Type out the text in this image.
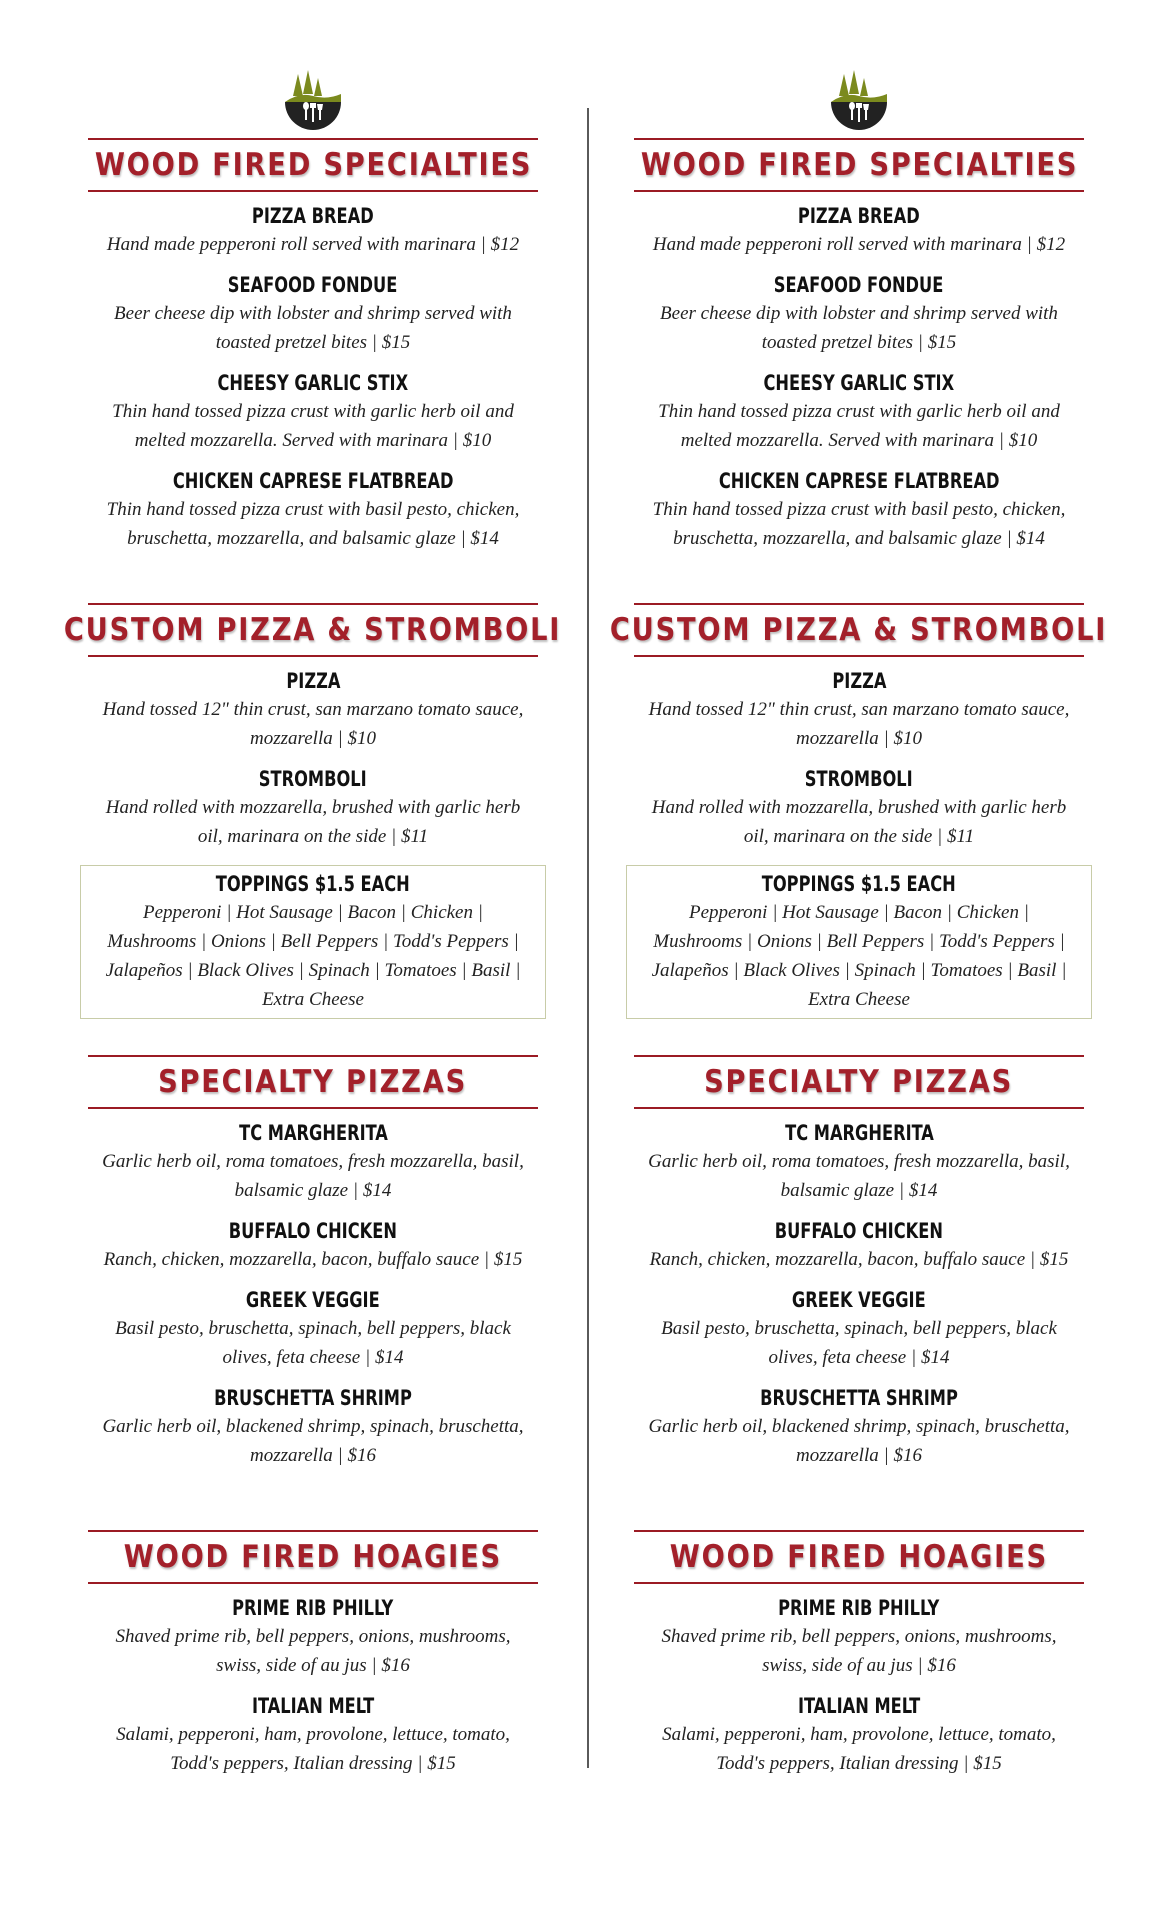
WOOD FIRED SPECIALTIES
PIZZA BREAD
Hand made pepperoni roll served with marinara | $12
SEAFOOD FONDUE
Beer cheese dip with lobster and shrimp served with toasted pretzel bites | $15
CHEESY GARLIC STIX
Thin hand tossed pizza crust with garlic herb oil and melted mozzarella. Served with marinara | $10
CHICKEN CAPRESE FLATBREAD
Thin hand tossed pizza crust with basil pesto, chicken, bruschetta, mozzarella, and balsamic glaze | $14
CUSTOM PIZZA & STROMBOLI
PIZZA
Hand tossed 12" thin crust, san marzano tomato sauce, mozzarella | $10
STROMBOLI
Hand rolled with mozzarella, brushed with garlic herb oil, marinara on the side | $11
TOPPINGS $1.5 EACH
Pepperoni | Hot Sausage | Bacon | Chicken | Mushrooms | Onions | Bell Peppers | Todd's Peppers | Jalapeños | Black Olives | Spinach | Tomatoes | Basil | Extra Cheese
SPECIALTY PIZZAS
TC MARGHERITA
Garlic herb oil, roma tomatoes, fresh mozzarella, basil, balsamic glaze | $14
BUFFALO CHICKEN
Ranch, chicken, mozzarella, bacon, buffalo sauce | $15
GREEK VEGGIE
Basil pesto, bruschetta, spinach, bell peppers, black olives, feta cheese | $14
BRUSCHETTA SHRIMP
Garlic herb oil, blackened shrimp, spinach, bruschetta, mozzarella | $16
WOOD FIRED HOAGIES
PRIME RIB PHILLY
Shaved prime rib, bell peppers, onions, mushrooms, swiss, side of au jus | $16
ITALIAN MELT
Salami, pepperoni, ham, provolone, lettuce, tomato, Todd's peppers, Italian dressing | $15
WOOD FIRED SPECIALTIES
PIZZA BREAD
Hand made pepperoni roll served with marinara | $12
SEAFOOD FONDUE
Beer cheese dip with lobster and shrimp served with toasted pretzel bites | $15
CHEESY GARLIC STIX
Thin hand tossed pizza crust with garlic herb oil and melted mozzarella. Served with marinara | $10
CHICKEN CAPRESE FLATBREAD
Thin hand tossed pizza crust with basil pesto, chicken, bruschetta, mozzarella, and balsamic glaze | $14
CUSTOM PIZZA & STROMBOLI
PIZZA
Hand tossed 12" thin crust, san marzano tomato sauce, mozzarella | $10
STROMBOLI
Hand rolled with mozzarella, brushed with garlic herb oil, marinara on the side | $11
TOPPINGS $1.5 EACH
Pepperoni | Hot Sausage | Bacon | Chicken | Mushrooms | Onions | Bell Peppers | Todd's Peppers | Jalapeños | Black Olives | Spinach | Tomatoes | Basil | Extra Cheese
SPECIALTY PIZZAS
TC MARGHERITA
Garlic herb oil, roma tomatoes, fresh mozzarella, basil, balsamic glaze | $14
BUFFALO CHICKEN
Ranch, chicken, mozzarella, bacon, buffalo sauce | $15
GREEK VEGGIE
Basil pesto, bruschetta, spinach, bell peppers, black olives, feta cheese | $14
BRUSCHETTA SHRIMP
Garlic herb oil, blackened shrimp, spinach, bruschetta, mozzarella | $16
WOOD FIRED HOAGIES
PRIME RIB PHILLY
Shaved prime rib, bell peppers, onions, mushrooms, swiss, side of au jus | $16
ITALIAN MELT
Salami, pepperoni, ham, provolone, lettuce, tomato, Todd's peppers, Italian dressing | $15
